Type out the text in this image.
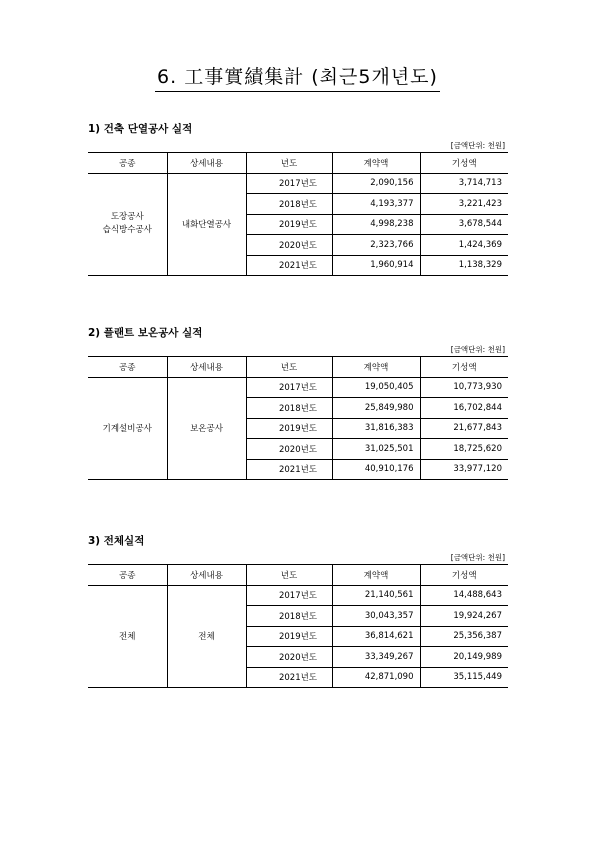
6. 工事實績集計 (최근5개년도)
1) 건축 단열공사 실적
[금액단위: 천원]
공종	상세내용	년도	계약액	기성액

도장공사
습식방수공사	내화단열공사	2017년도	2,090,156	3,714,713
		2018년도	4,193,377	3,221,423
		2019년도	4,998,238	3,678,544
		2020년도	2,323,766	1,424,369
		2021년도	1,960,914	1,138,329
2) 플랜트 보온공사 실적
[금액단위: 천원]
공종	상세내용	년도	계약액	기성액
기계설비공사	보온공사	2017년도	19,050,405	10,773,930
		2018년도	25,849,980	16,702,844
		2019년도	31,816,383	21,677,843
		2020년도	31,025,501	18,725,620
		2021년도	40,910,176	33,977,120
3) 전체실적
[금액단위: 천원]
공종	상세내용	년도	계약액	기성액
전체	전체	2017년도	21,140,561	14,488,643
		2018년도	30,043,357	19,924,267
		2019년도	36,814,621	25,356,387
		2020년도	33,349,267	20,149,989
		2021년도	42,871,090	35,115,449
